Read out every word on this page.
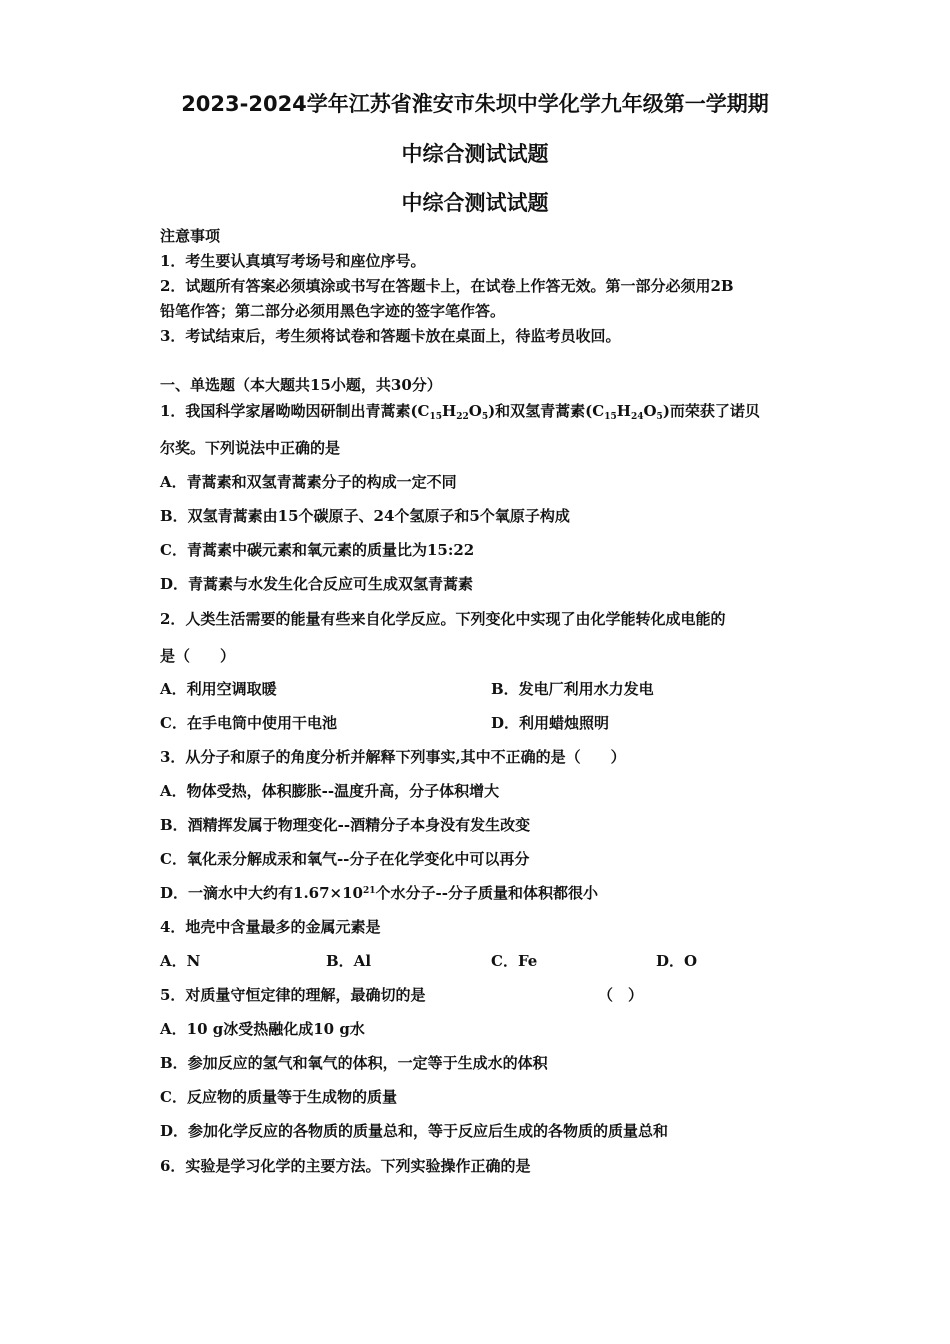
2023-2024学年江苏省淮安市朱坝中学化学九年级第一学期期
中综合测试试题
中综合测试试题
注意事项
1．考生要认真填写考场号和座位序号。
2．试题所有答案必须填涂或书写在答题卡上，在试卷上作答无效。第一部分必须用2B
铅笔作答；第二部分必须用黑色字迹的签字笔作答。
3．考试结束后，考生须将试卷和答题卡放在桌面上，待监考员收回。
一、单选题（本大题共15小题，共30分）
1．我国科学家屠呦呦因研制出青蒿素$(C_{15}H_{22}O_5)$和双氢青蒿素$(C_{15}H_{24}O_5)$而荣获了诺贝
尔奖。下列说法中正确的是
A．青蒿素和双氢青蒿素分子的构成一定不同
B．双氢青蒿素由15个碳原子、24个氢原子和5个氧原子构成
C．青蒿素中碳元素和氧元素的质量比为15:22
D．青蒿素与水发生化合反应可生成双氢青蒿素
2．人类生活需要的能量有些来自化学反应。下列变化中实现了由化学能转化成电能的
是（　　）
A．利用空调取暖	B．发电厂利用水力发电
C．在手电筒中使用干电池	D．利用蜡烛照明
3．从分子和原子的角度分析并解释下列事实,其中不正确的是（　　）
A．物体受热，体积膨胀--温度升高，分子体积增大
B．酒精挥发属于物理变化--酒精分子本身没有发生改变
C．氧化汞分解成汞和氧气--分子在化学变化中可以再分
D．一滴水中大约有$1.67\times 10^{21}$个水分子--分子质量和体积都很小
4．地壳中含量最多的金属元素是
A．N	B．Al	C．Fe	D．O
5．对质量守恒定律的理解，最确切的是	（　）
A．10 g冰受热融化成10 g水
B．参加反应的氢气和氧气的体积，一定等于生成水的体积
C．反应物的质量等于生成物的质量
D．参加化学反应的各物质的质量总和，等于反应后生成的各物质的质量总和
6．实验是学习化学的主要方法。下列实验操作正确的是
